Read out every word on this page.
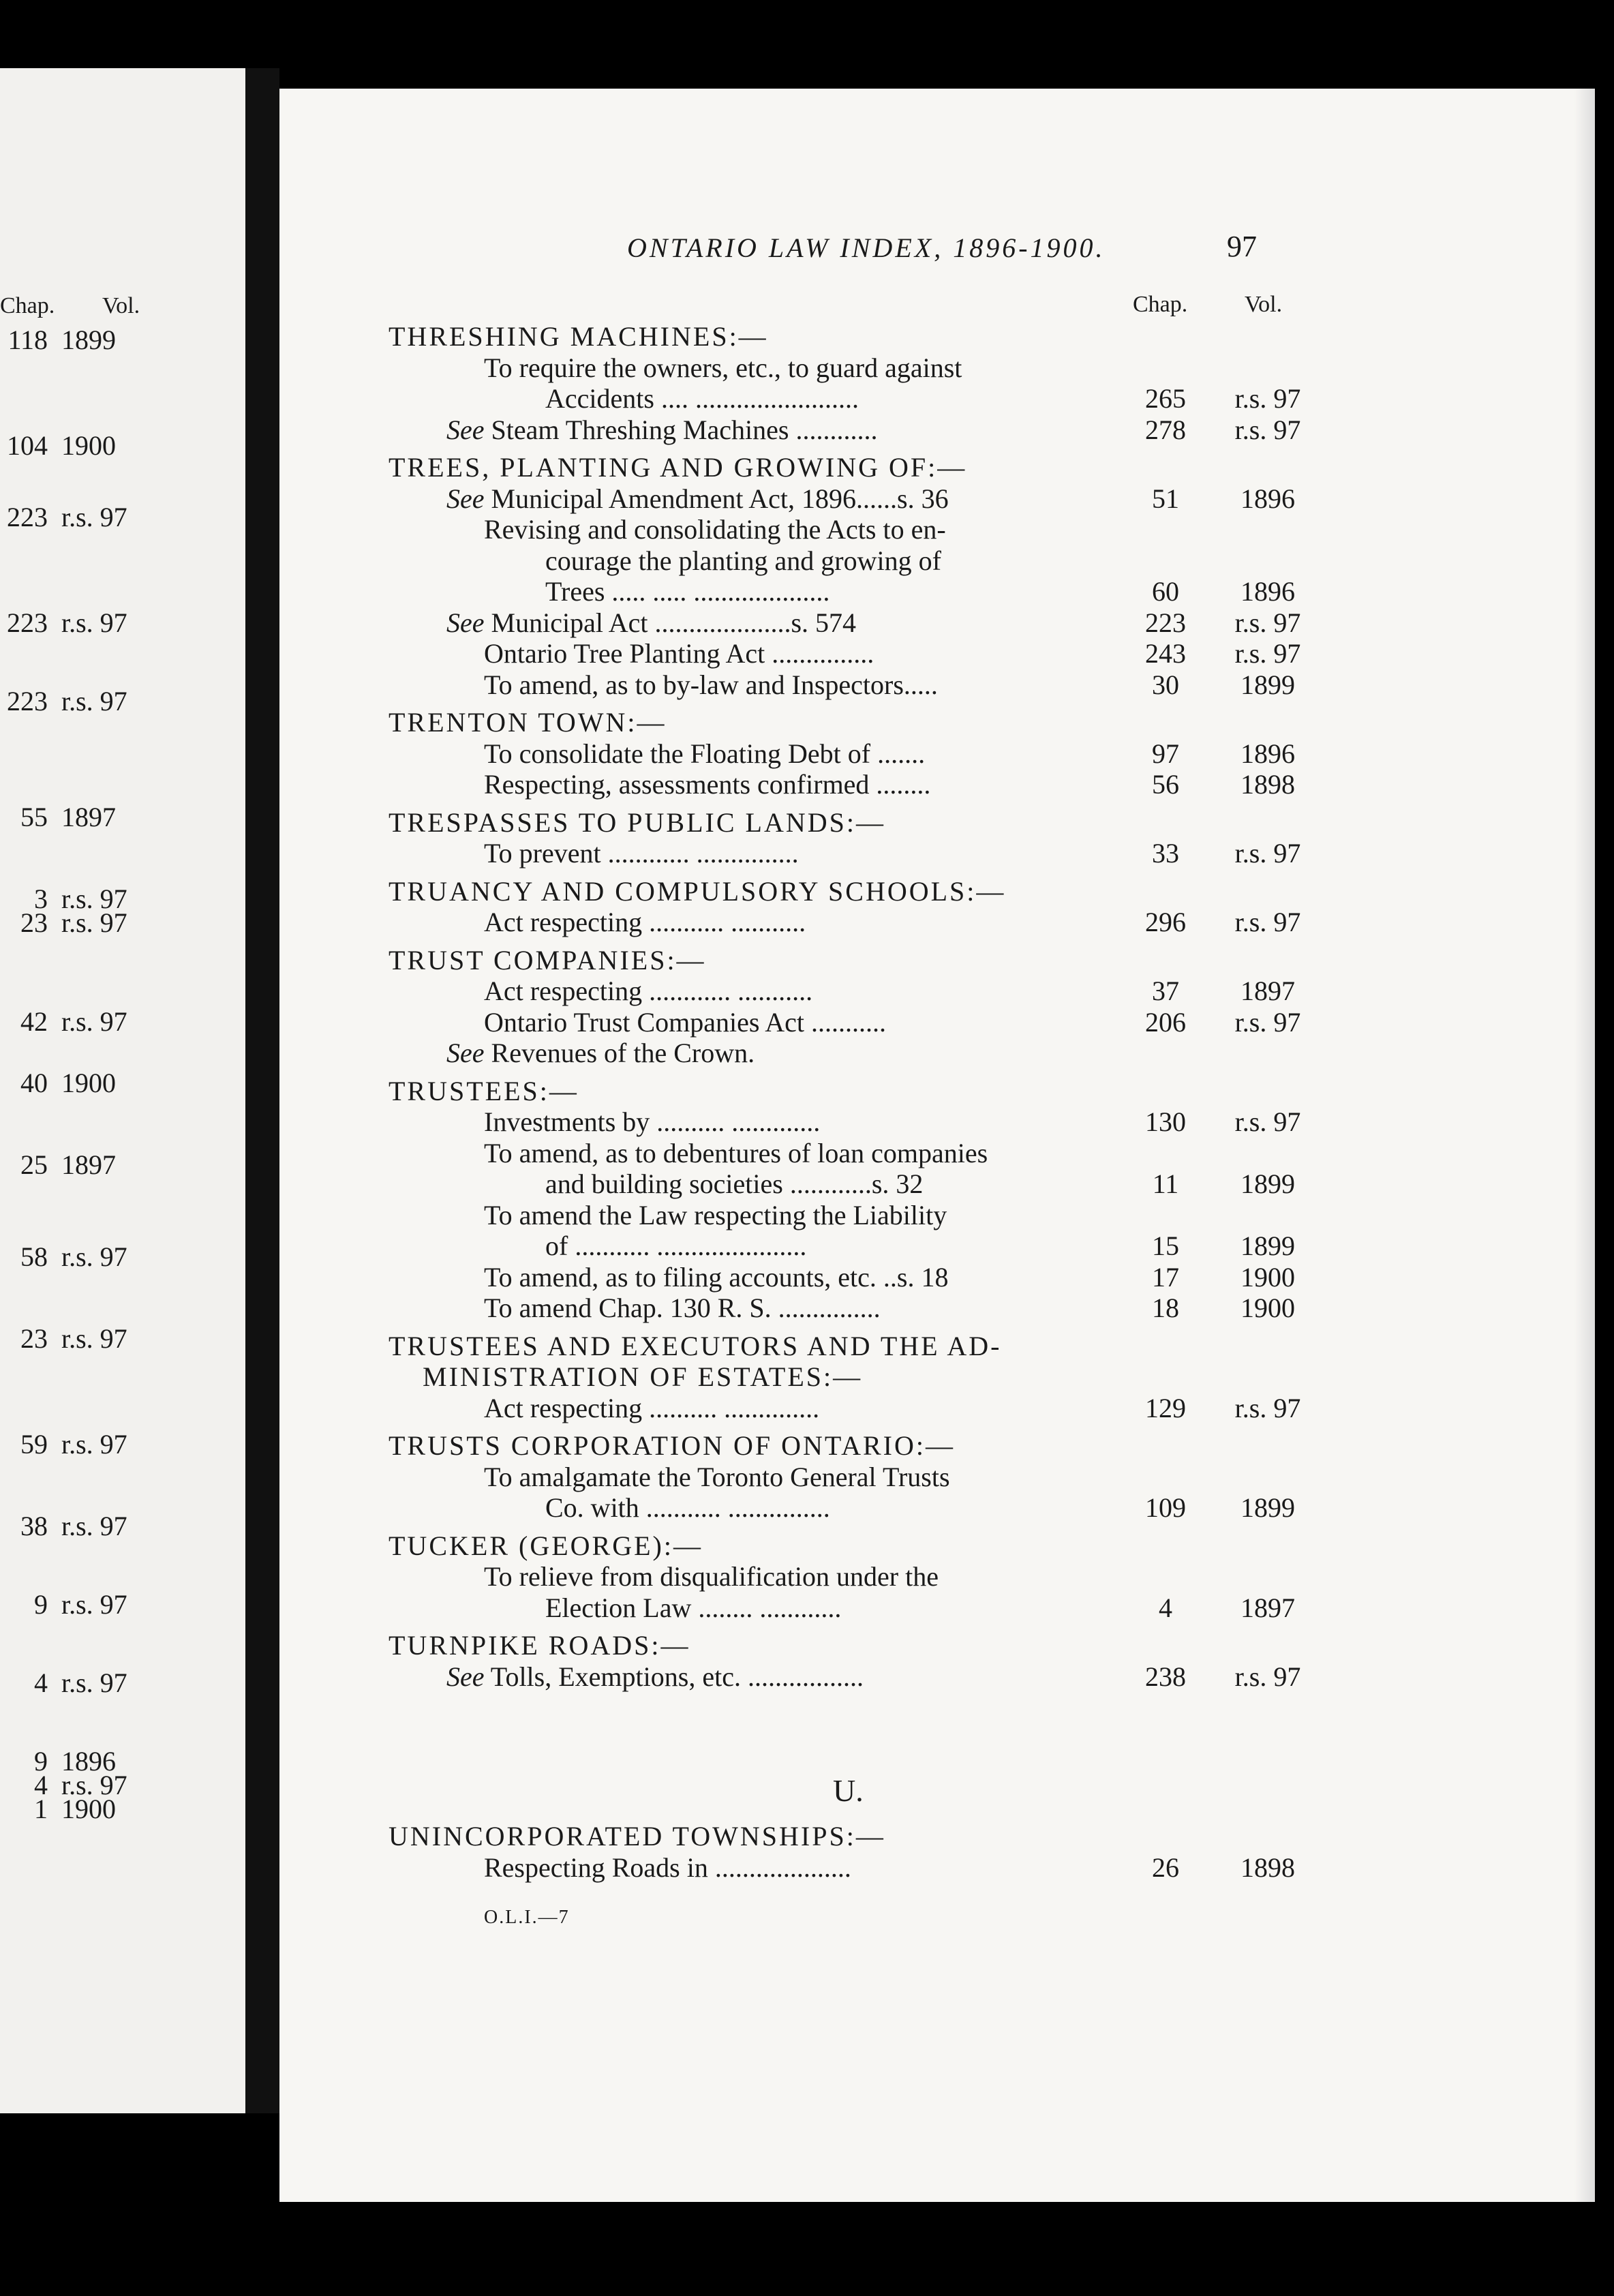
Chap. Vol.
118 1899
104 1900
223 r.s. 97
223 r.s. 97
223 r.s. 97
55 1897
3 r.s. 97
23 r.s. 97
42 r.s. 97
40 1900
25 1897
58 r.s. 97
23 r.s. 97
59 r.s. 97
38 r.s. 97
9 r.s. 97
4 r.s. 97
9 1896
4 r.s. 97
1 1900
ONTARIO LAW INDEX, 1896-1900.	97
Chap. Vol.
THRESHING MACHINES:—
To require the owners, etc., to guard against
Accidents .... ........................	265	r.s. 97
See Steam Threshing Machines ............	278	r.s. 97
TREES, PLANTING AND GROWING OF:—
See Municipal Amendment Act, 1896......s. 36	51	1896
Revising and consolidating the Acts to en-
courage the planting and growing of
Trees ..... ..... ....................	60	1896
See Municipal Act ....................s. 574	223	r.s. 97
Ontario Tree Planting Act ...............	243	r.s. 97
To amend, as to by-law and Inspectors.....	30	1899
TRENTON TOWN:—
To consolidate the Floating Debt of .......	97	1896
Respecting, assessments confirmed ........	56	1898
TRESPASSES TO PUBLIC LANDS:—
To prevent ............ ...............	33	r.s. 97
TRUANCY AND COMPULSORY SCHOOLS:—
Act respecting ........... ...........	296	r.s. 97
TRUST COMPANIES:—
Act respecting ............ ...........	37	1897
Ontario Trust Companies Act ...........	206	r.s. 97
See Revenues of the Crown.
TRUSTEES:—
Investments by .......... .............	130	r.s. 97
To amend, as to debentures of loan companies
and building societies ............s. 32	11	1899
To amend the Law respecting the Liability
of ........... ......................	15	1899
To amend, as to filing accounts, etc. ..s. 18	17	1900
To amend Chap. 130 R. S. ...............	18	1900
TRUSTEES AND EXECUTORS AND THE AD-
MINISTRATION OF ESTATES:—
Act respecting .......... ..............	129	r.s. 97
TRUSTS CORPORATION OF ONTARIO:—
To amalgamate the Toronto General Trusts
Co. with ........... ...............	109	1899
TUCKER (GEORGE):—
To relieve from disqualification under the
Election Law ........ ............	4	1897
TURNPIKE ROADS:—
See Tolls, Exemptions, etc. .................	238	r.s. 97
U.
UNINCORPORATED TOWNSHIPS:—
Respecting Roads in ....................	26	1898
O.L.I.—7
